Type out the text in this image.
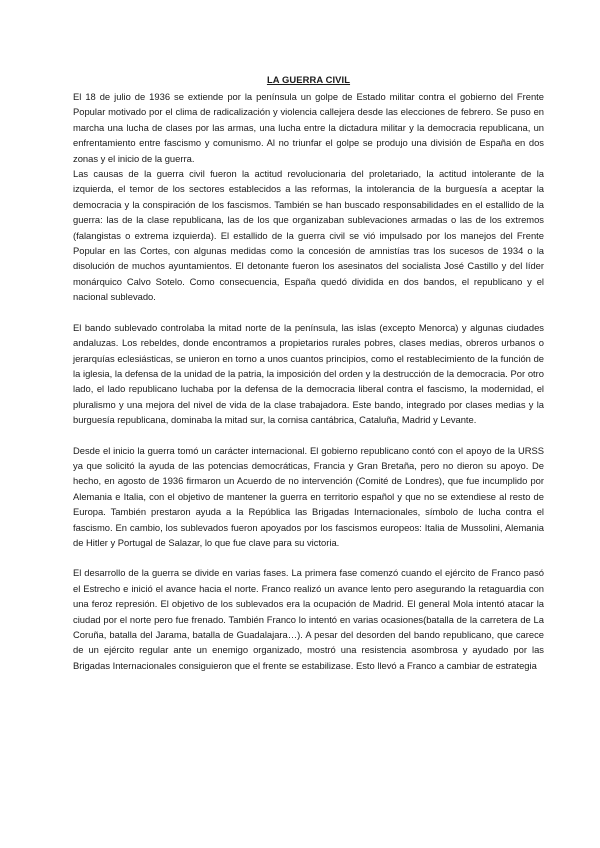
LA GUERRA CIVIL

El 18 de julio de 1936 se extiende por la península un golpe de Estado militar contra el gobierno del Frente Popular motivado por el clima de radicalización y violencia callejera desde las elecciones de febrero. Se puso en marcha una lucha de clases por las armas, una lucha entre la dictadura militar y la democracia republicana, un enfrentamiento entre fascismo y comunismo. Al no triunfar el golpe se produjo una división de España en dos zonas y el inicio de la guerra.

Las causas de la guerra civil fueron la actitud revolucionaria del proletariado, la actitud intolerante de la izquierda, el temor de los sectores establecidos a las reformas, la intolerancia de la burguesía a aceptar la democracia y la conspiración de los fascismos. También se han buscado responsabilidades en el estallido de la guerra: las de la clase republicana, las de los que organizaban sublevaciones armadas o las de los extremos (falangistas o extrema izquierda). El estallido de la guerra civil se vió impulsado por los manejos del Frente Popular en las Cortes, con algunas medidas como la concesión de amnistías tras los sucesos de 1934 o la disolución de muchos ayuntamientos. El detonante fueron los asesinatos del socialista José Castillo y del líder monárquico Calvo Sotelo. Como consecuencia, España quedó dividida en dos bandos, el republicano y el nacional sublevado.

El bando sublevado controlaba la mitad norte de la península, las islas (excepto Menorca) y algunas ciudades andaluzas. Los rebeldes, donde encontramos a propietarios rurales pobres, clases medias, obreros urbanos o jerarquías eclesiásticas, se unieron en torno a unos cuantos principios, como el restablecimiento de la función de la iglesia, la defensa de la unidad de la patria, la imposición del orden y la destrucción de la democracia. Por otro lado, el lado republicano luchaba por la defensa de la democracia liberal contra el fascismo, la modernidad, el pluralismo y una mejora del nivel de vida de la clase trabajadora. Este bando, integrado por clases medias y la burguesía republicana, dominaba la mitad sur, la cornisa cantábrica, Cataluña, Madrid y Levante.

Desde el inicio la guerra tomó un carácter internacional. El gobierno republicano contó con el apoyo de la URSS ya que solicitó la ayuda de las potencias democráticas, Francia y Gran Bretaña, pero no dieron su apoyo. De hecho, en agosto de 1936 firmaron un Acuerdo de no intervención (Comité de Londres), que fue incumplido por Alemania e Italia, con el objetivo de mantener la guerra en territorio español y que no se extendiese al resto de Europa. También prestaron ayuda a la República las Brigadas Internacionales, símbolo de lucha contra el fascismo. En cambio, los sublevados fueron apoyados por los fascismos europeos: Italia de Mussolini, Alemania de Hitler y Portugal de Salazar, lo que fue clave para su victoria.

El desarrollo de la guerra se divide en varias fases. La primera fase comenzó cuando el ejército de Franco pasó el Estrecho e inició el avance hacia el norte. Franco realizó un avance lento pero asegurando la retaguardia con una feroz represión. El objetivo de los sublevados era la ocupación de Madrid. El general Mola intentó atacar la ciudad por el norte pero fue frenado. También Franco lo intentó en varias ocasiones(batalla de la carretera de La Coruña, batalla del Jarama, batalla de Guadalajara…). A pesar del desorden del bando republicano, que carece de un ejército regular ante un enemigo organizado, mostró una resistencia asombrosa y ayudado por las Brigadas Internacionales consiguieron que el frente se estabilizase. Esto llevó a Franco a cambiar de estrategia
